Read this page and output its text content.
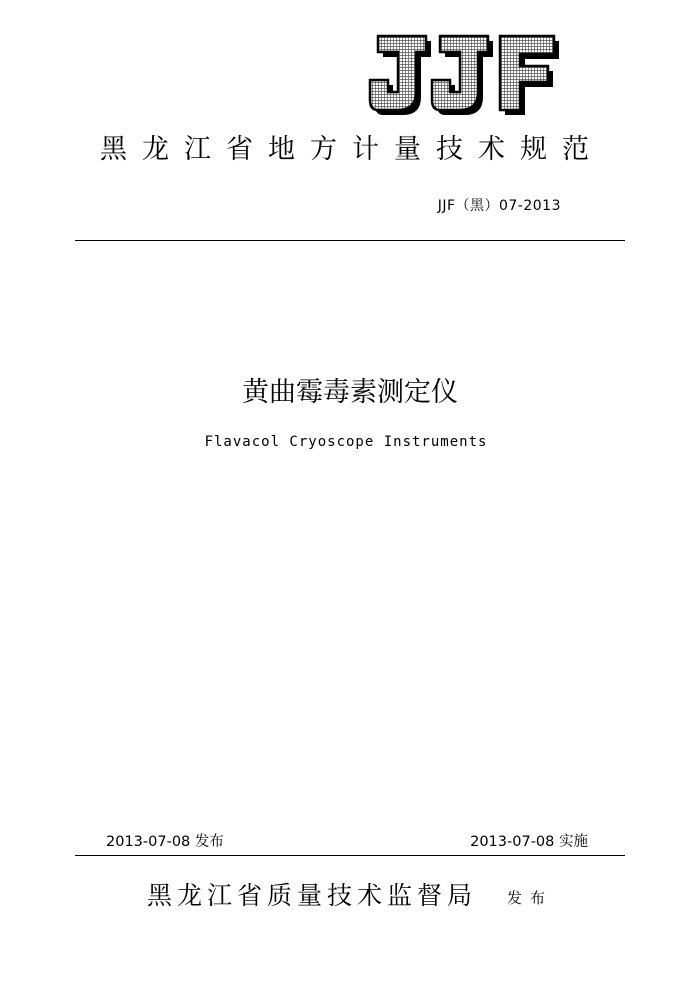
黑龙江省地方计量技术规范
JJF（黑）07-2013
黄曲霉毒素测定仪
Flavacol Cryoscope Instruments
2013-07-08 发布	2013-07-08 实施
黑龙江省质量技术监督局 发布
